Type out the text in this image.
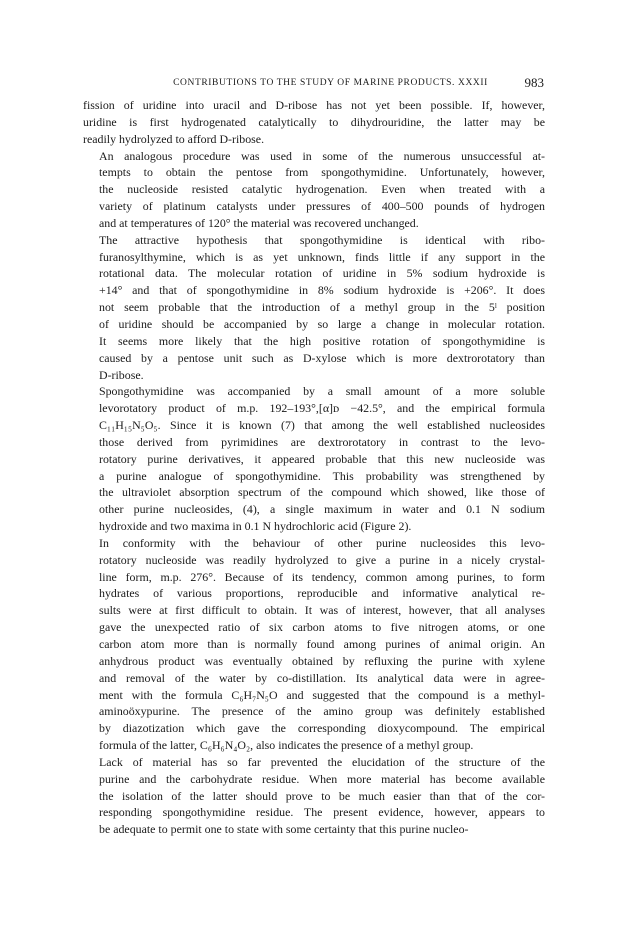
CONTRIBUTIONS TO THE STUDY OF MARINE PRODUCTS. XXXII	983
fission of uridine into uracil and D-ribose has not yet been possible. If, however,
uridine is first hydrogenated catalytically to dihydrouridine, the latter may be
readily hydrolyzed to afford D-ribose.
An analogous procedure was used in some of the numerous unsuccessful at-
tempts to obtain the pentose from spongothymidine. Unfortunately, however,
the nucleoside resisted catalytic hydrogenation. Even when treated with a
variety of platinum catalysts under pressures of 400–500 pounds of hydrogen
and at temperatures of 120° the material was recovered unchanged.
The attractive hypothesis that spongothymidine is identical with ribo-
furanosylthymine, which is as yet unknown, finds little if any support in the
rotational data. The molecular rotation of uridine in 5% sodium hydroxide is
+14° and that of spongothymidine in 8% sodium hydroxide is +206°. It does
not seem probable that the introduction of a methyl group in the 5ˡ position
of uridine should be accompanied by so large a change in molecular rotation.
It seems more likely that the high positive rotation of spongothymidine is
caused by a pentose unit such as D-xylose which is more dextrorotatory than
D-ribose.
Spongothymidine was accompanied by a small amount of a more soluble
levorotatory product of m.p. 192–193°,[α]ᴅ −42.5°, and the empirical formula
C₁₁H₁₅N₅O₅. Since it is known (7) that among the well established nucleosides
those derived from pyrimidines are dextrorotatory in contrast to the levo-
rotatory purine derivatives, it appeared probable that this new nucleoside was
a purine analogue of spongothymidine. This probability was strengthened by
the ultraviolet absorption spectrum of the compound which showed, like those of
other purine nucleosides, (4), a single maximum in water and 0.1 N sodium
hydroxide and two maxima in 0.1 N hydrochloric acid (Figure 2).
In conformity with the behaviour of other purine nucleosides this levo-
rotatory nucleoside was readily hydrolyzed to give a purine in a nicely crystal-
line form, m.p. 276°. Because of its tendency, common among purines, to form
hydrates of various proportions, reproducible and informative analytical re-
sults were at first difficult to obtain. It was of interest, however, that all analyses
gave the unexpected ratio of six carbon atoms to five nitrogen atoms, or one
carbon atom more than is normally found among purines of animal origin. An
anhydrous product was eventually obtained by refluxing the purine with xylene
and removal of the water by co-distillation. Its analytical data were in agree-
ment with the formula C₆H₇N₅O and suggested that the compound is a methyl-
aminoöxypurine. The presence of the amino group was definitely established
by diazotization which gave the corresponding dioxycompound. The empirical
formula of the latter, C₆H₆N₄O₂, also indicates the presence of a methyl group.
Lack of material has so far prevented the elucidation of the structure of the
purine and the carbohydrate residue. When more material has become available
the isolation of the latter should prove to be much easier than that of the cor-
responding spongothymidine residue. The present evidence, however, appears to
be adequate to permit one to state with some certainty that this purine nucleo-
